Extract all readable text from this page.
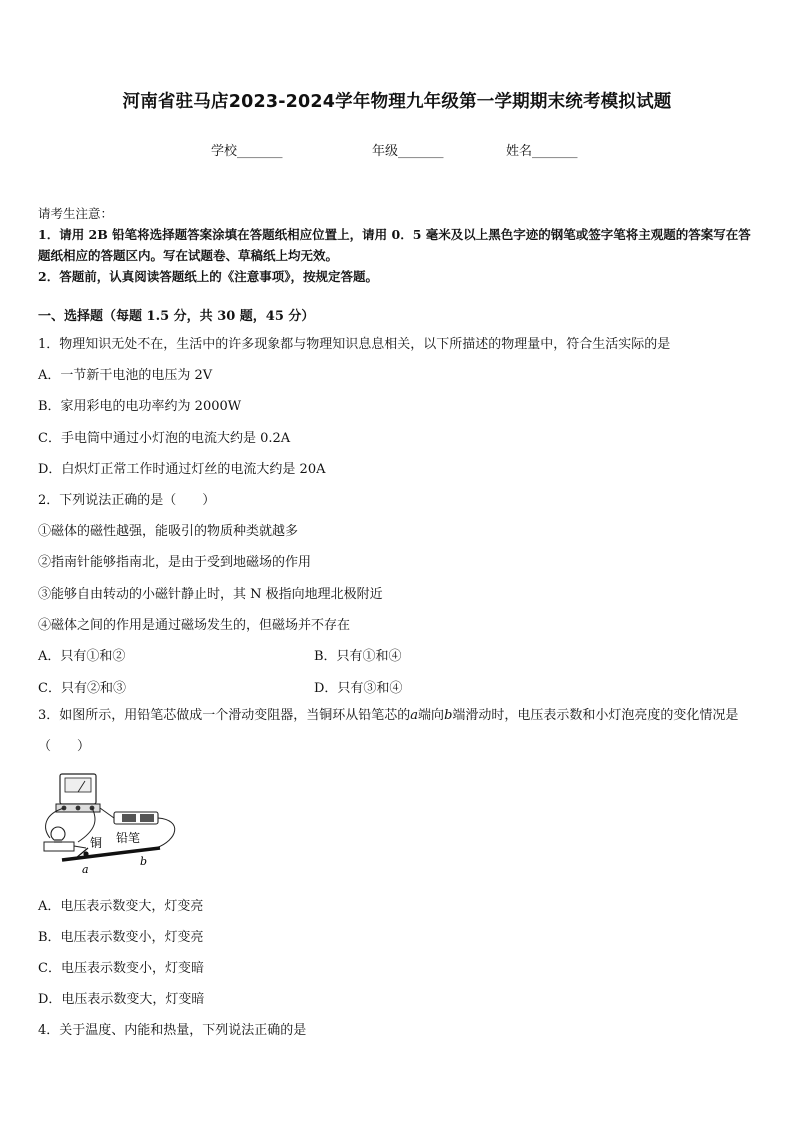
河南省驻马店2023-2024学年物理九年级第一学期期末统考模拟试题
学校_______	年级_______	姓名_______
请考生注意：
1．请用 2B 铅笔将选择题答案涂填在答题纸相应位置上，请用 0．5 毫米及以上黑色字迹的钢笔或签字笔将主观题的答案写在答题纸相应的答题区内。写在试题卷、草稿纸上均无效。
2．答题前，认真阅读答题纸上的《注意事项》，按规定答题。
一、选择题（每题 1.5 分，共 30 题，45 分）
1．物理知识无处不在，生活中的许多现象都与物理知识息息相关，以下所描述的物理量中，符合生活实际的是
A．一节新干电池的电压为 2V
B．家用彩电的电功率约为 2000W
C．手电筒中通过小灯泡的电流大约是 0.2A
D．白炽灯正常工作时通过灯丝的电流大约是 20A
2．下列说法正确的是（　　）
①磁体的磁性越强，能吸引的物质种类就越多
②指南针能够指南北，是由于受到地磁场的作用
③能够自由转动的小磁针静止时，其 N 极指向地理北极附近
④磁体之间的作用是通过磁场发生的，但磁场并不存在
A．只有①和②	B．只有①和④
C．只有②和③	D．只有③和④
3．如图所示，用铅笔芯做成一个滑动变阻器，当铜环从铅笔芯的a端向b端滑动时，电压表示数和小灯泡亮度的变化情况是（　　）
铜 铅笔
a
b
A．电压表示数变大，灯变亮
B．电压表示数变小，灯变亮
C．电压表示数变小，灯变暗
D．电压表示数变大，灯变暗
4．关于温度、内能和热量，下列说法正确的是
